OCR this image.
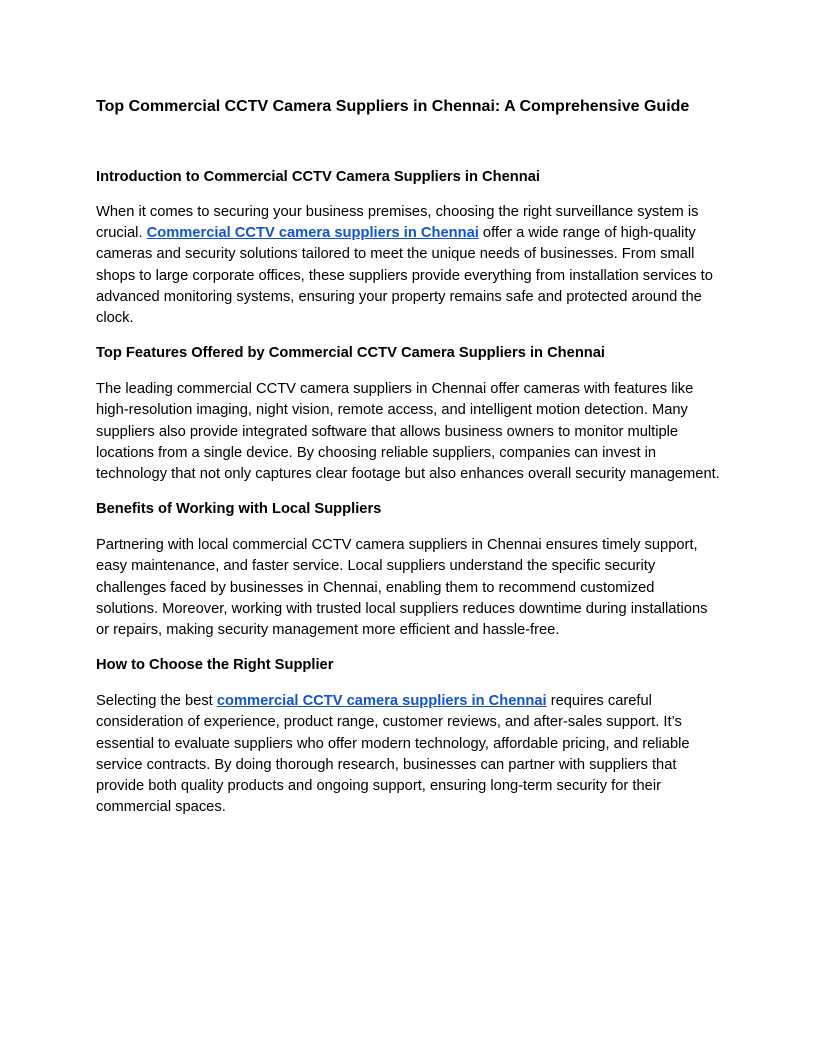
Top Commercial CCTV Camera Suppliers in Chennai: A Comprehensive Guide
Introduction to Commercial CCTV Camera Suppliers in Chennai

When it comes to securing your business premises, choosing the right surveillance system is crucial. Commercial CCTV camera suppliers in Chennai offer a wide range of high-quality cameras and security solutions tailored to meet the unique needs of businesses. From small shops to large corporate offices, these suppliers provide everything from installation services to advanced monitoring systems, ensuring your property remains safe and protected around the clock.

Top Features Offered by Commercial CCTV Camera Suppliers in Chennai

The leading commercial CCTV camera suppliers in Chennai offer cameras with features like high-resolution imaging, night vision, remote access, and intelligent motion detection. Many suppliers also provide integrated software that allows business owners to monitor multiple locations from a single device. By choosing reliable suppliers, companies can invest in technology that not only captures clear footage but also enhances overall security management.

Benefits of Working with Local Suppliers

Partnering with local commercial CCTV camera suppliers in Chennai ensures timely support, easy maintenance, and faster service. Local suppliers understand the specific security challenges faced by businesses in Chennai, enabling them to recommend customized solutions. Moreover, working with trusted local suppliers reduces downtime during installations or repairs, making security management more efficient and hassle-free.

How to Choose the Right Supplier

Selecting the best commercial CCTV camera suppliers in Chennai requires careful consideration of experience, product range, customer reviews, and after-sales support. It’s essential to evaluate suppliers who offer modern technology, affordable pricing, and reliable service contracts. By doing thorough research, businesses can partner with suppliers that provide both quality products and ongoing support, ensuring long-term security for their commercial spaces.
